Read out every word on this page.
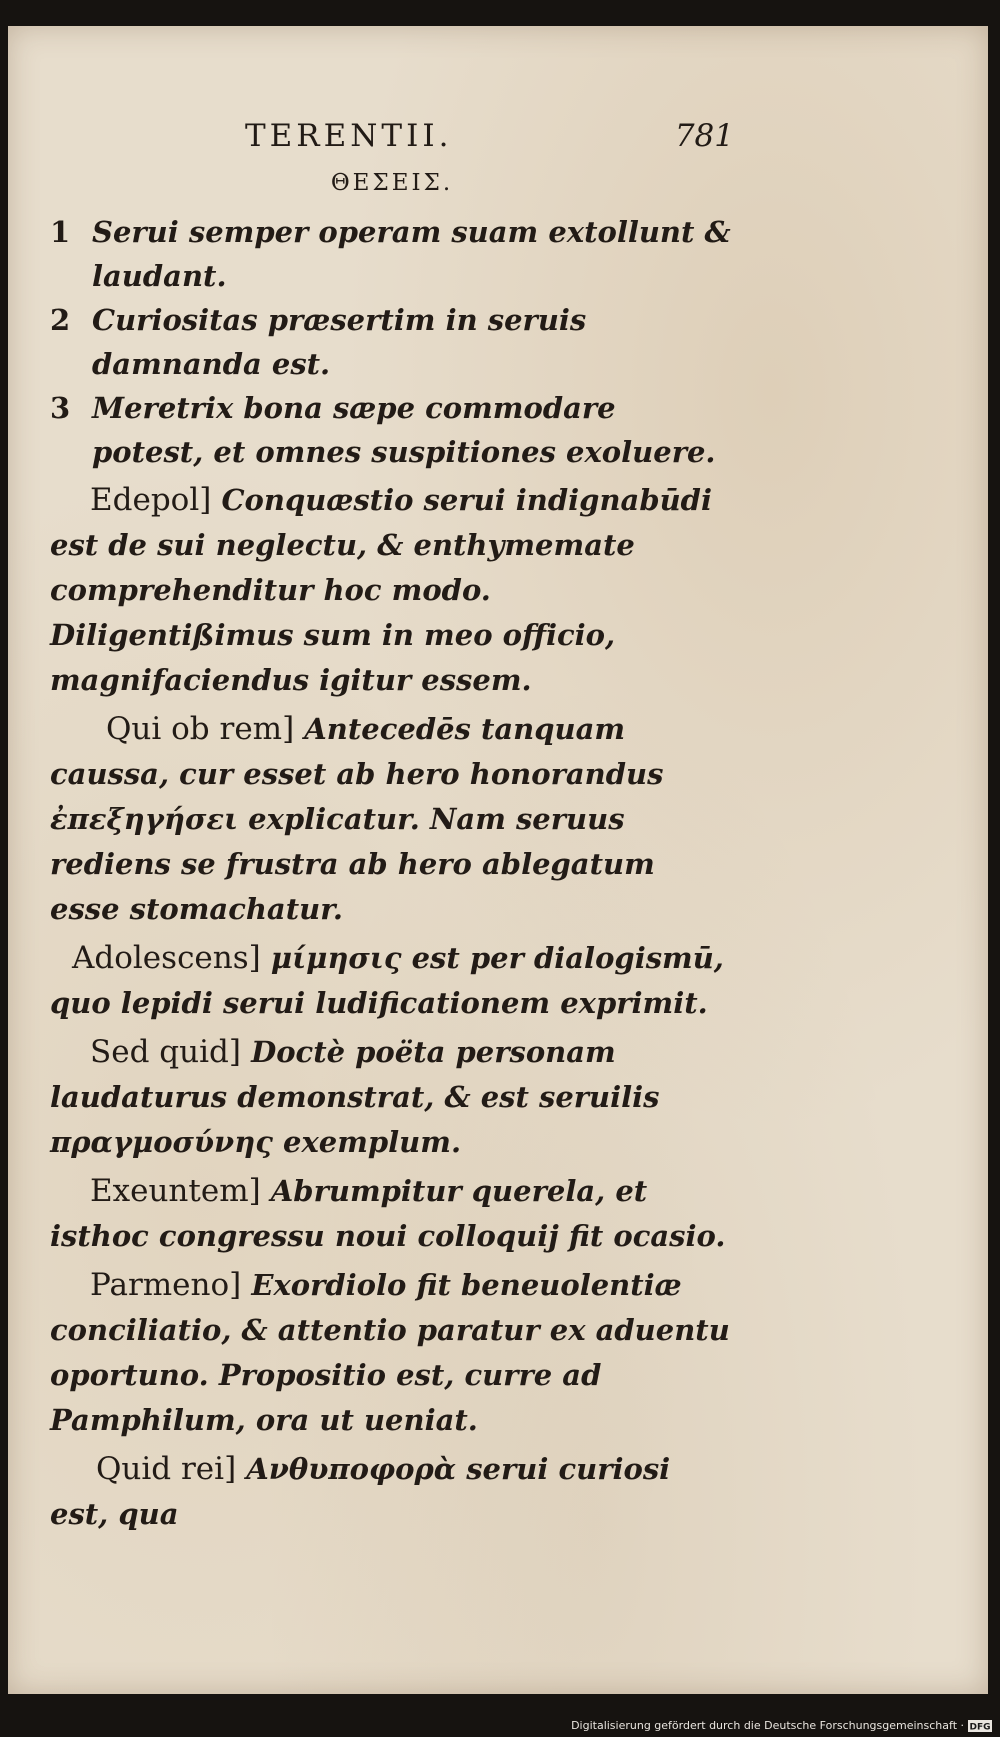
TERENTII.	781
ΘΕΣΕΙΣ.
1 Serui semper operam suam extollunt & laudant.
2 Curiositas præsertim in seruis damnanda est.
3 Meretrix bona sæpe commodare potest, et omnes suspitiones exoluere.
Edepol] Conquæstio serui indignabūdi est de sui neglectu, & enthymemate comprehenditur hoc modo. Diligentißimus sum in meo officio, magnifaciendus igitur essem.
Qui ob rem] Antecedēs tanquam caussa, cur esset ab hero honorandus ἐπεξηγήσει explicatur. Nam seruus rediens se frustra ab hero ablegatum esse stomachatur.
Adolescens] μίμησις est per dialogismū, quo lepidi serui ludificationem exprimit.
Sed quid] Doctè poëta personam laudaturus demonstrat, & est seruilis πραγμοσύνης exemplum.
Exeuntem] Abrumpitur querela, et isthoc congressu noui colloquij fit ocasio.
Parmeno] Exordiolo fit beneuolentiæ conciliatio, & attentio paratur ex aduentu oportuno. Propositio est, curre ad Pamphilum, ora ut ueniat.
Quid rei] Ανθυποφορὰ serui curiosi est, qua
Digitalisierung gefördert durch die Deutsche Forschungsgemeinschaft · DFG
